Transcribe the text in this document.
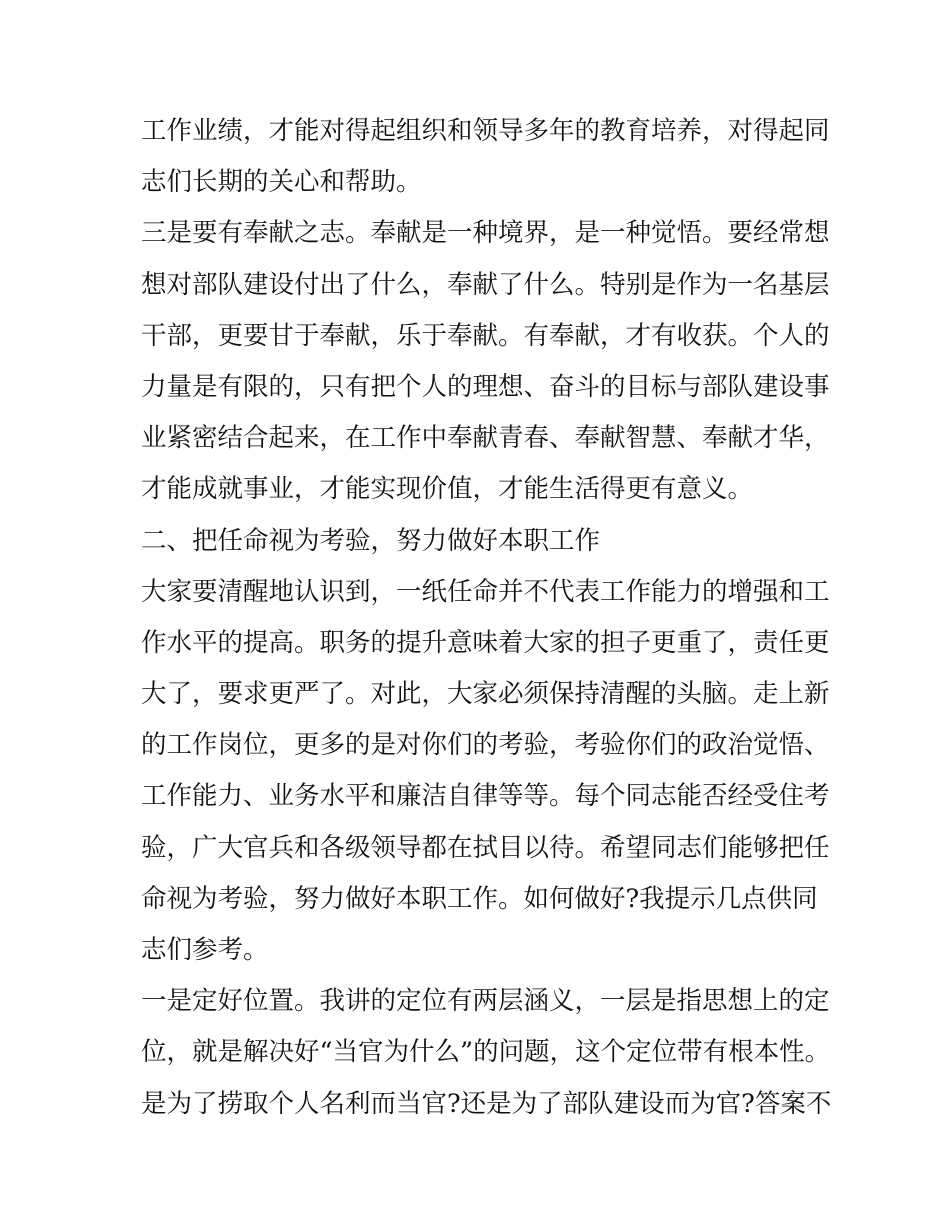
工作业绩，才能对得起组织和领导多年的教育培养，对得起同
志们长期的关心和帮助。
三是要有奉献之志。奉献是一种境界，是一种觉悟。要经常想
想对部队建设付出了什么，奉献了什么。特别是作为一名基层
干部，更要甘于奉献，乐于奉献。有奉献，才有收获。个人的
力量是有限的，只有把个人的理想、奋斗的目标与部队建设事
业紧密结合起来，在工作中奉献青春、奉献智慧、奉献才华，
才能成就事业，才能实现价值，才能生活得更有意义。
二、把任命视为考验，努力做好本职工作
大家要清醒地认识到，一纸任命并不代表工作能力的增强和工
作水平的提高。职务的提升意味着大家的担子更重了，责任更
大了，要求更严了。对此，大家必须保持清醒的头脑。走上新
的工作岗位，更多的是对你们的考验，考验你们的政治觉悟、
工作能力、业务水平和廉洁自律等等。每个同志能否经受住考
验，广大官兵和各级领导都在拭目以待。希望同志们能够把任
命视为考验，努力做好本职工作。如何做好?我提示几点供同
志们参考。
一是定好位置。我讲的定位有两层涵义，一层是指思想上的定
位，就是解决好“当官为什么”的问题，这个定位带有根本性。
是为了捞取个人名利而当官?还是为了部队建设而为官?答案不
